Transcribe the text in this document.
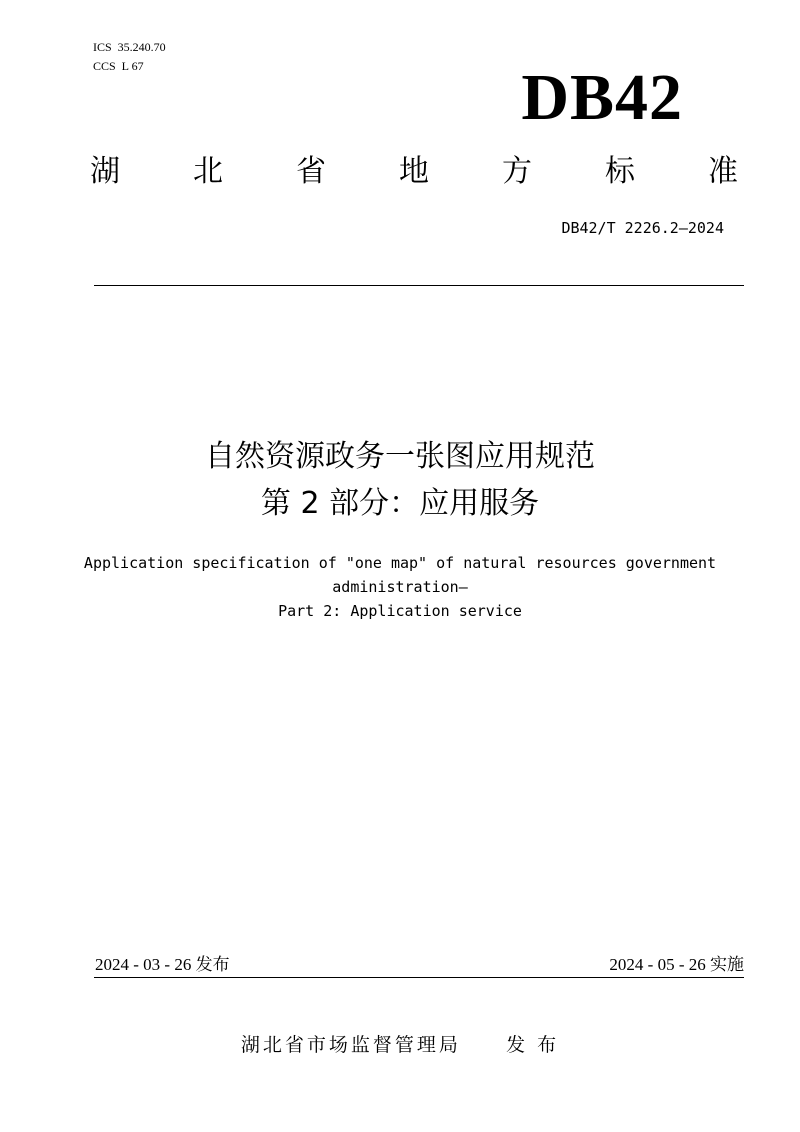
ICS  35.240.70
CCS  L 67	DB42
湖 北 省 地 方 标 准
DB42/T 2226.2—2024
自然资源政务一张图应用规范
第 2 部分：应用服务
Application specification of "one map" of natural resources government
administration—
Part 2: Application service
2024 - 03 - 26 发布	2024 - 05 - 26 实施
湖北省市场监督管理局     发 布
